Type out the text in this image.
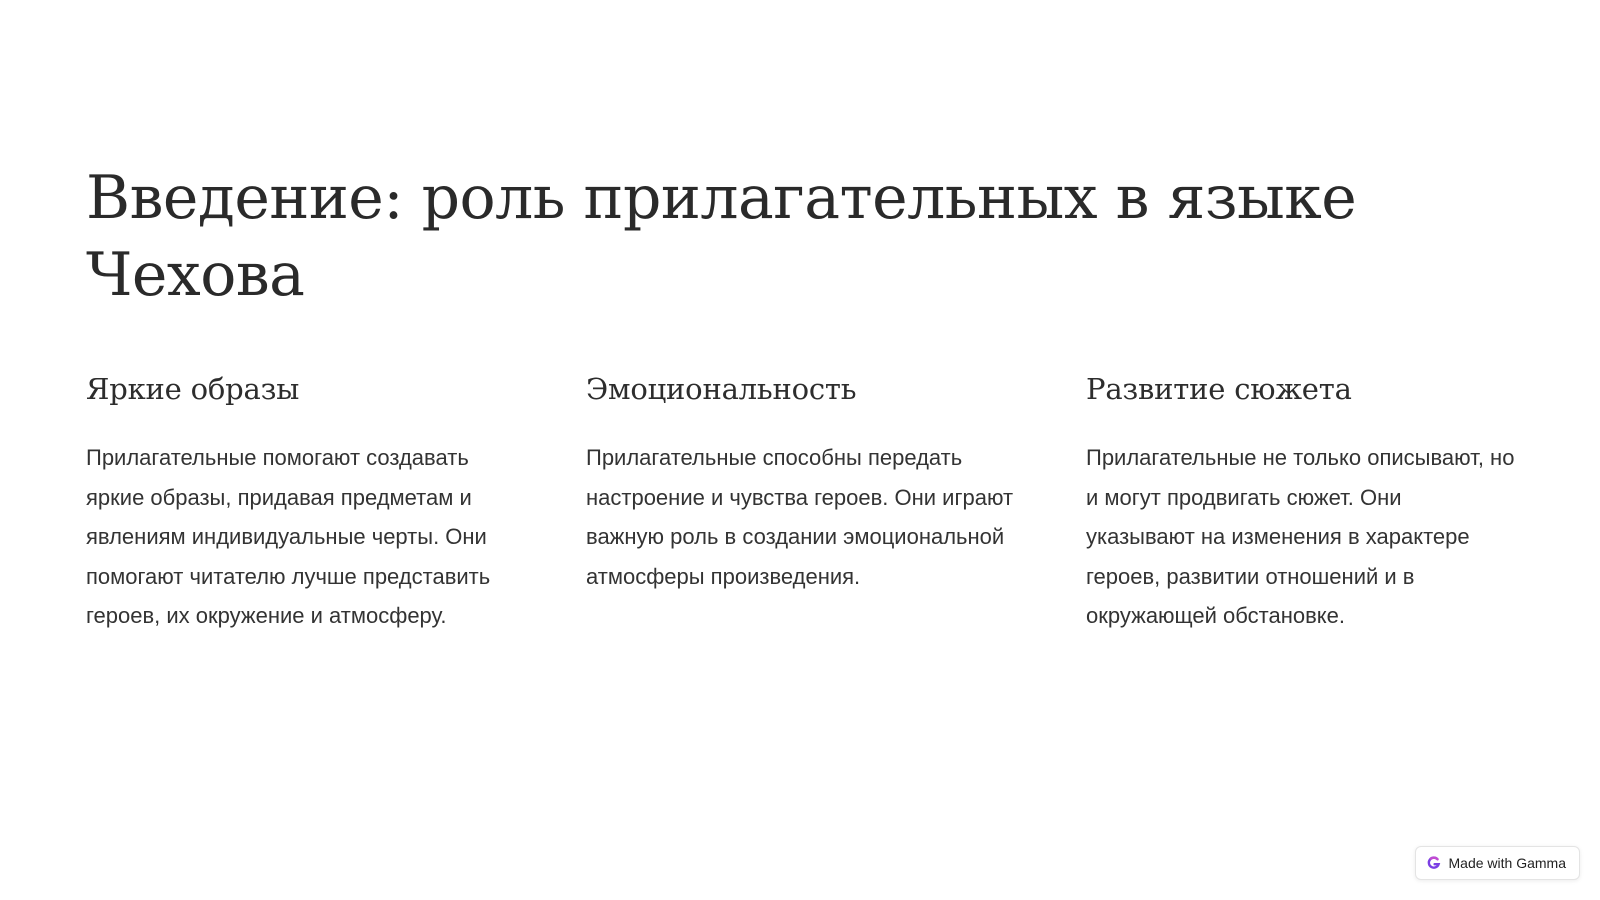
Введение: роль прилагательных в языке Чехова
Яркие образы

Прилагательные помогают создавать яркие образы, придавая предметам и явлениям индивидуальные черты. Они помогают читателю лучше представить героев, их окружение и атмосферу.

Эмоциональность

Прилагательные способны передать настроение и чувства героев. Они играют важную роль в создании эмоциональной атмосферы произведения.

Развитие сюжета

Прилагательные не только описывают, но и могут продвигать сюжет. Они указывают на изменения в характере героев, развитии отношений и в окружающей обстановке.

Made with Gamma
